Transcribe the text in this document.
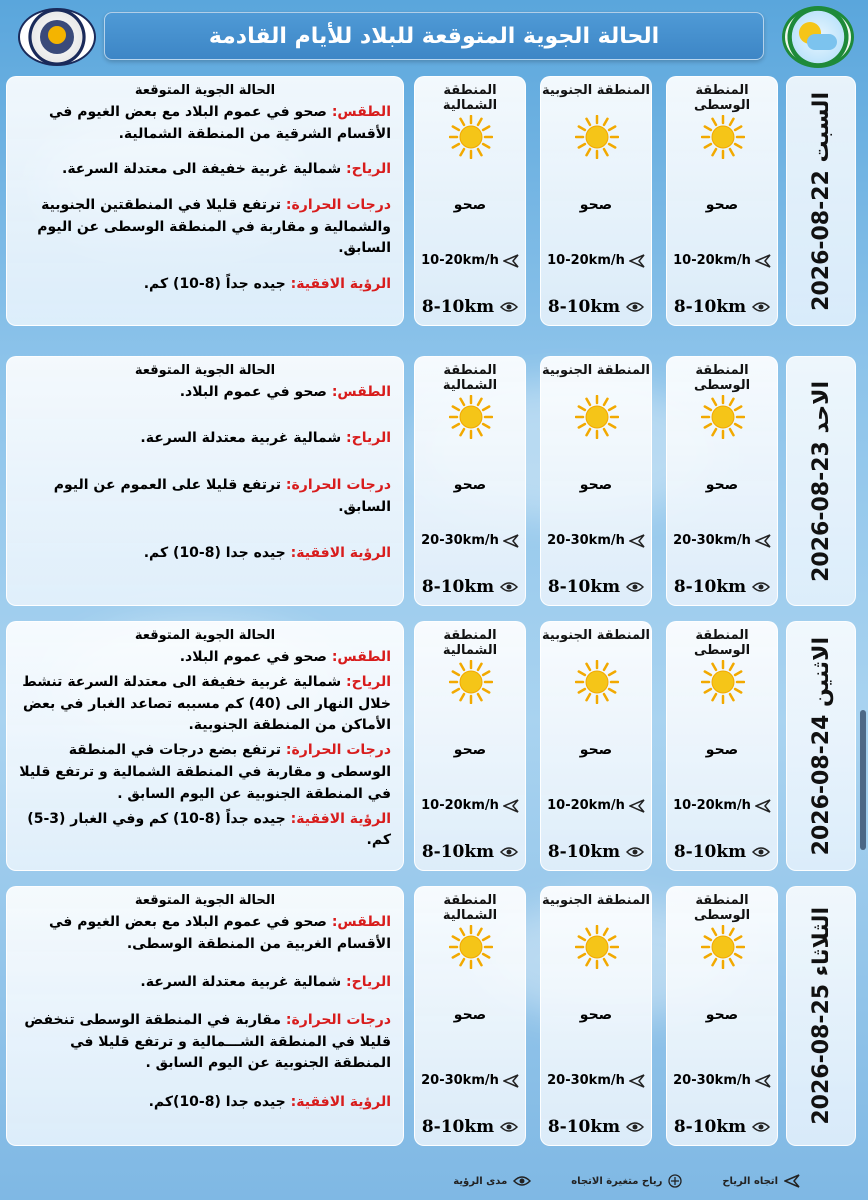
الحالة الجوية المتوقعة للبلاد للأيام القادمة
2026-08-22 السبت
المنطقة الوسطى
صحو
10-20km/h
8-10km
المنطقة الجنوبية
صحو
10-20km/h
8-10km
المنطقة الشمالية
صحو
10-20km/h
8-10km
الحالة الجوية المتوقعة

الطقس: صحو في عموم البلاد مع بعض الغيوم في الأقسام الشرقية من المنطقة الشمالية.

الرياح: شمالية غربية خفيفة الى معتدلة السرعة.

درجات الحرارة: ترتفع قليلا في المنطقتين الجنوبية والشمالية و مقاربة في المنطقة الوسطى عن اليوم السابق.

الرؤية الافقية: جيده جداً (8-10) كم.

2026-08-23 الاحد
المنطقة الوسطى
صحو
20-30km/h
8-10km
المنطقة الجنوبية
صحو
20-30km/h
8-10km
المنطقة الشمالية
صحو
20-30km/h
8-10km
الحالة الجوية المتوقعة

الطقس: صحو في عموم البلاد.

الرياح: شمالية غربية معتدلة السرعة.

درجات الحرارة: ترتفع قليلا على العموم عن اليوم السابق.

الرؤية الافقية: جيده جدا (8-10) كم.

2026-08-24 الاثنين
المنطقة الوسطى
صحو
10-20km/h
8-10km
المنطقة الجنوبية
صحو
10-20km/h
8-10km
المنطقة الشمالية
صحو
10-20km/h
8-10km
الحالة الجوية المتوقعة

الطقس: صحو في عموم البلاد.

الرياح: شمالية غربية خفيفة الى معتدلة السرعة تنشط خلال النهار الى (40) كم مسببه تصاعد الغبار في بعض الأماكن من المنطقة الجنوبية.

درجات الحرارة: ترتفع بضع درجات في المنطقة الوسطى و مقاربة في المنطقة الشمالية و ترتفع قليلا في المنطقة الجنوبية عن اليوم السابق .

الرؤية الافقية: جيده جداً (8-10) كم وفي الغبار (3-5) كم.

2026-08-25 الثلاثاء
المنطقة الوسطى
صحو
20-30km/h
8-10km
المنطقة الجنوبية
صحو
20-30km/h
8-10km
المنطقة الشمالية
صحو
20-30km/h
8-10km
الحالة الجوية المتوقعة

الطقس: صحو في عموم البلاد مع بعض الغيوم في الأقسام الغربية من المنطقة الوسطى.

الرياح: شمالية غربية معتدلة السرعة.

درجات الحرارة: مقاربة في المنطقة الوسطى تنخفض قليلا في المنطقة الشـــمالية و ترتفع قليلا في المنطقة الجنوبية عن اليوم السابق .

الرؤية الافقية: جيده جدا (8-10)كم.

اتجاه الرياح
رياح متغيرة الاتجاه
مدى الرؤية
